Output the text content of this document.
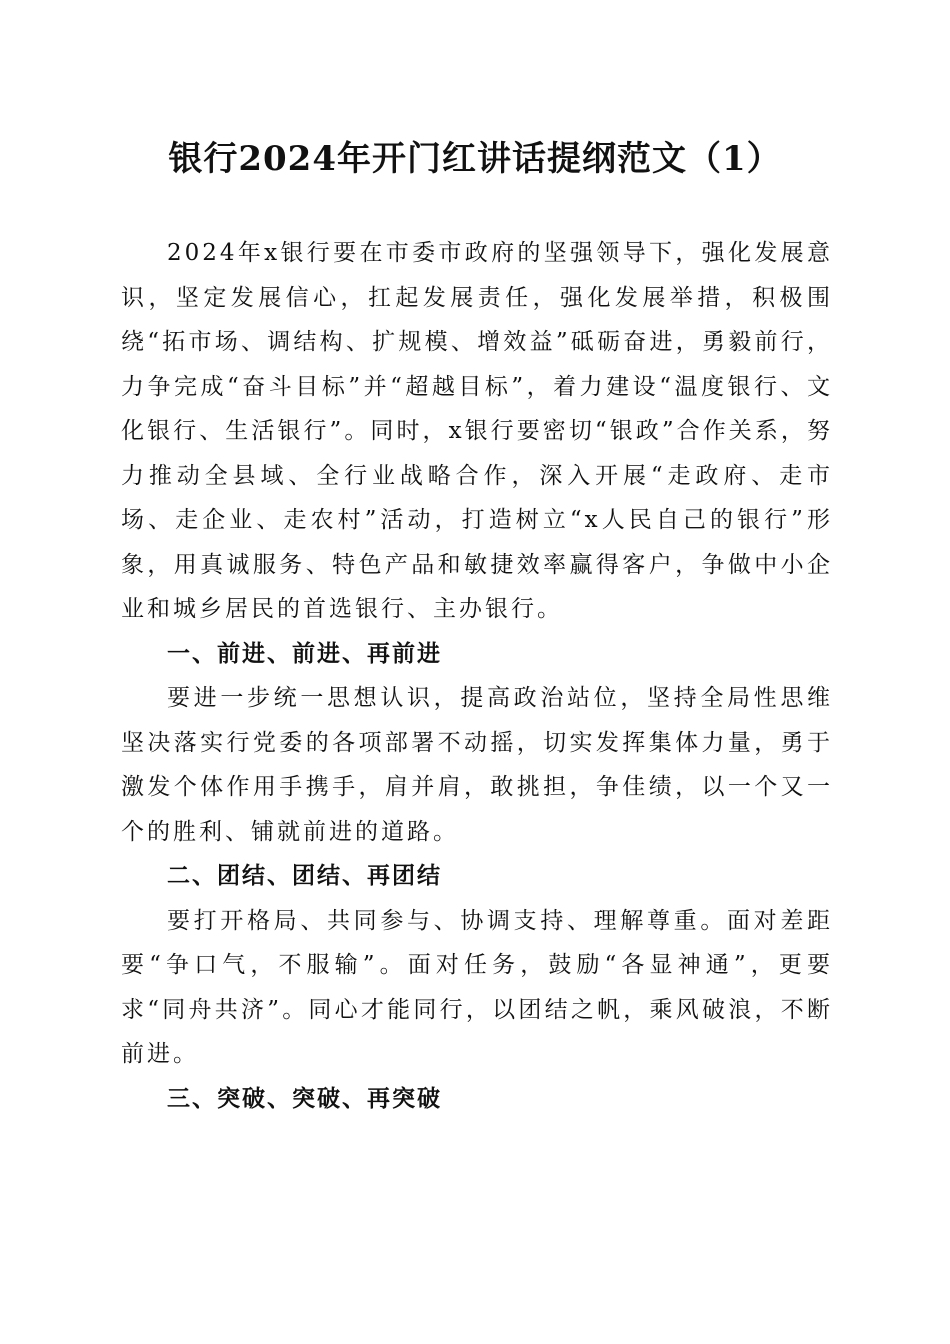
银行2024年开门红讲话提纲范文（1）

2024年x银行要在市委市政府的坚强领导下，强化发展意识，坚定发展信心，扛起发展责任，强化发展举措，积极围绕“拓市场、调结构、扩规模、增效益”砥砺奋进，勇毅前行，力争完成“奋斗目标”并“超越目标”，着力建设“温度银行、文化银行、生活银行”。同时，x银行要密切“银政”合作关系，努力推动全县域、全行业战略合作，深入开展“走政府、走市场、走企业、走农村”活动，打造树立“x人民自己的银行”形象，用真诚服务、特色产品和敏捷效率赢得客户，争做中小企业和城乡居民的首选银行、主办银行。

一、前进、前进、再前进

要进一步统一思想认识，提高政治站位，坚持全局性思维坚决落实行党委的各项部署不动摇，切实发挥集体力量，勇于激发个体作用手携手，肩并肩，敢挑担，争佳绩，以一个又一个的胜利、铺就前进的道路。

二、团结、团结、再团结

要打开格局、共同参与、协调支持、理解尊重。面对差距要“争口气，不服输”。面对任务，鼓励“各显神通”，更要求“同舟共济”。同心才能同行，以团结之帆，乘风破浪，不断前进。

三、突破、突破、再突破
